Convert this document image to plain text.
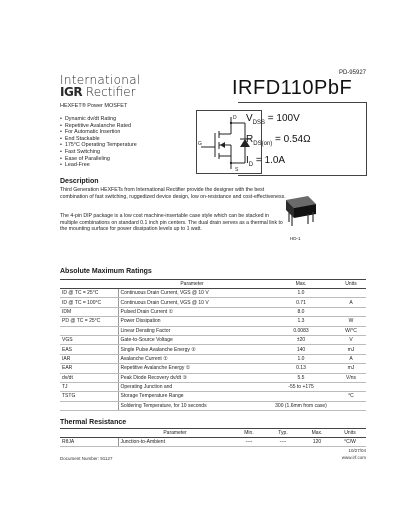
PD-95927
International
IGR Rectifier	IRFD110PbF
HEXFET® Power MOSFET
• Dynamic dv/dt Rating
• Repetitive Avalanche Rated
• For Automatic Insertion
• End Stackable
• 175°C Operating Temperature
• Fast Switching
• Ease of Paralleling
• Lead-Free
D
G
S
$V_{DSS} = 100V$
$R_{DS(on)} = 0.54\Omega$
$I_D = 1.0A$
Description
Third Generation HEXFETs from International Rectifier provide the designer with the best combination of fast switching, ruggedized device design, low on-resistance and cost-effectiveness.
The 4-pin DIP package is a low cost machine-insertable case style which can be stacked in multiple combinations on standard 0.1 inch pin centers. The dual drain serves as a thermal link to the mounting surface for power dissipation levels up to 1 watt.
HD-1
Absolute Maximum Ratings
	Parameter	Max.	Units
ID @ TC = 25°C	Continuous Drain Current, VGS @ 10 V	1.0	
ID @ TC = 100°C	Continuous Drain Current, VGS @ 10 V	0.71	A
IDM	Pulsed Drain Current ①	8.0	
PD @ TC = 25°C	Power Dissipation	1.3	W
	Linear Derating Factor	0.0083	W/°C
VGS	Gate-to-Source Voltage	±20	V
EAS	Single Pulse Avalanche Energy ②	140	mJ
IAR	Avalanche Current ①	1.0	A
EAR	Repetitive Avalanche Energy ①	0.13	mJ
dv/dt	Peak Diode Recovery dv/dt ③	5.5	V/ns
TJ	Operating Junction and	-55 to +175	
TSTG	Storage Temperature Range		°C
	Soldering Temperature, for 10 seconds	300 (1.6mm from case)	
Thermal Resistance
	Parameter	Min.	Typ.	Max.	Units
RθJA	Junction-to-Ambient	----	----	120	°C/W
10/27/04
www.irf.com
Document Number: 91127
